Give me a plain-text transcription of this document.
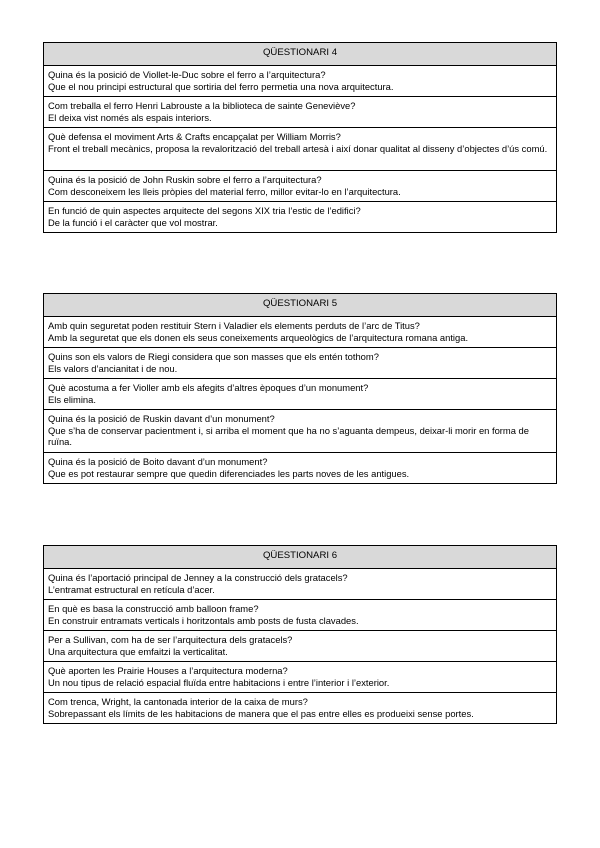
QÜESTIONARI 4

Quina és la posició de Viollet-le-Duc sobre el ferro a l’arquitectura?
Que el nou principi estructural que sortiria del ferro permetia una nova arquitectura.

Com treballa el ferro Henri Labrouste a la biblioteca de sainte Geneviève?
El deixa vist només als espais interiors.

Què defensa el moviment Arts & Crafts encapçalat per William Morris?
Front el treball mecànics, proposa la revalorització del treball artesà i així donar qualitat al disseny d’objectes d’ús comú.

Quina és la posició de John Ruskin sobre el ferro a l’arquitectura?
Com desconeixem les lleis pròpies del material ferro, millor evitar-lo en l’arquitectura.

En funció de quin aspectes arquitecte del segons XIX tria l’estic de l’edifici?
De la funció i el caràcter que vol mostrar.
QÜESTIONARI 5

Amb quin seguretat poden restituir Stern i Valadier els elements perduts de l’arc de Titus?
Amb la seguretat que els donen els seus coneixements arqueològics de l’arquitectura romana antiga.

Quins son els valors de Riegi considera que son masses que els entén tothom?
Els valors d’ancianitat i de nou.

Què acostuma a fer Violler amb els afegits d’altres èpoques d’un monument?
Els elimina.

Quina és la posició de Ruskin davant d’un monument?
Que s’ha de conservar pacientment i, si arriba el moment que ha no s’aguanta dempeus, deixar-li morir en forma de ruïna.

Quina és la posició de Boito davant d’un monument?
Que es pot restaurar sempre que quedin diferenciades les parts noves de les antigues.
QÜESTIONARI 6

Quina és l’aportació principal de Jenney a la construcció dels gratacels?
L’entramat estructural en retícula d’acer.

En què es basa la construcció amb balloon frame?
En construir entramats verticals i horitzontals amb posts de fusta clavades.

Per a Sullivan, com ha de ser l’arquitectura dels gratacels?
Una arquitectura que emfaitzi la verticalitat.

Què aporten les Prairie Houses a l’arquitectura moderna?
Un nou tipus de relació espacial fluïda entre habitacions i entre l’interior i l’exterior.

Com trenca, Wright, la cantonada interior de la caixa de murs?
Sobrepassant els límits de les habitacions de manera que el pas entre elles es produeixi sense portes.
